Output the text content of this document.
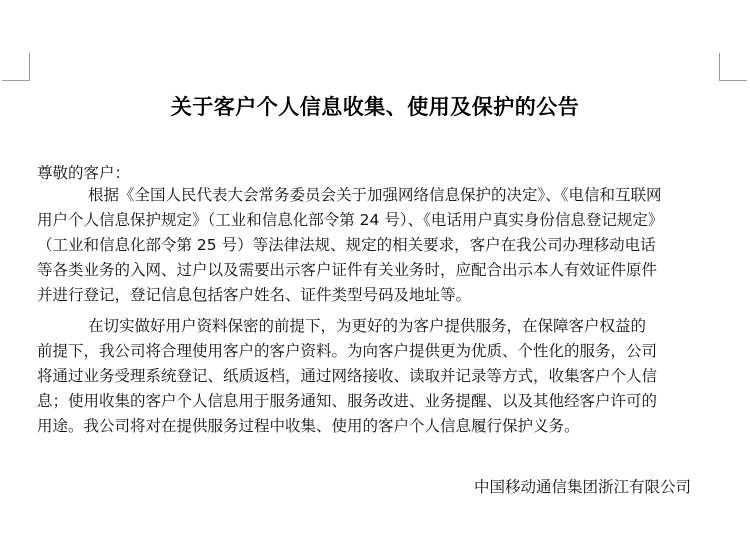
关于客户个人信息收集、使用及保护的公告
尊敬的客户：
根据《全国人民代表大会常务委员会关于加强网络信息保护的决定》、《电信和互联网
用户个人信息保护规定》（工业和信息化部令第 24 号）、《电话用户真实身份信息登记规定》
（工业和信息化部令第 25 号）等法律法规、规定的相关要求，客户在我公司办理移动电话
等各类业务的入网、过户以及需要出示客户证件有关业务时，应配合出示本人有效证件原件
并进行登记，登记信息包括客户姓名、证件类型号码及地址等。
在切实做好用户资料保密的前提下，为更好的为客户提供服务，在保障客户权益的
前提下，我公司将合理使用客户的客户资料。为向客户提供更为优质、个性化的服务，公司
将通过业务受理系统登记、纸质返档，通过网络接收、读取并记录等方式，收集客户个人信
息；使用收集的客户个人信息用于服务通知、服务改进、业务提醒、以及其他经客户许可的
用途。我公司将对在提供服务过程中收集、使用的客户个人信息履行保护义务。
中国移动通信集团浙江有限公司
